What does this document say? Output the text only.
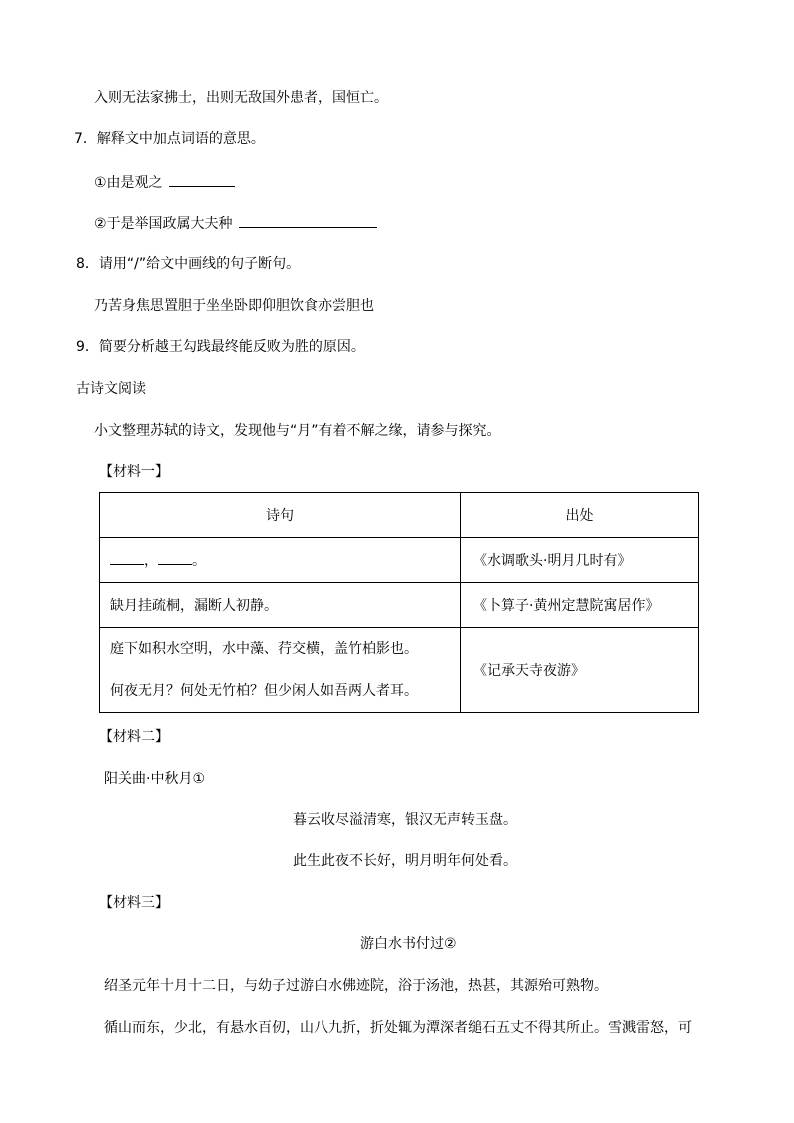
入则无法家拂士，出则无敌国外患者，国恒亡。
7．解释文中加点词语的意思。
①由是观之
②于是举国政属大夫种
8．请用“/”给文中画线的句子断句。
乃苦身焦思置胆于坐坐卧即仰胆饮食亦尝胆也
9．简要分析越王勾践最终能反败为胜的原因。
古诗文阅读
小文整理苏轼的诗文，发现他与“月”有着不解之缘，请参与探究。
【材料一】
诗句	出处
， 。	《水调歌头·明月几时有》
缺月挂疏桐，漏断人初静。	《卜算子·黄州定慧院寓居作》

庭下如积水空明，水中藻、荇交横，盖竹柏影也。
何夜无月？何处无竹柏？但少闲人如吾两人者耳。	《记承天寺夜游》
【材料二】
阳关曲·中秋月①
暮云收尽溢清寒，银汉无声转玉盘。
此生此夜不长好，明月明年何处看。
【材料三】
游白水书付过②
绍圣元年十月十二日，与幼子过游白水佛迹院，浴于汤池，热甚，其源殆可熟物。
循山而东，少北，有悬水百仞，山八九折，折处辄为潭深者缒石五丈不得其所止。雪溅雷怒，可
